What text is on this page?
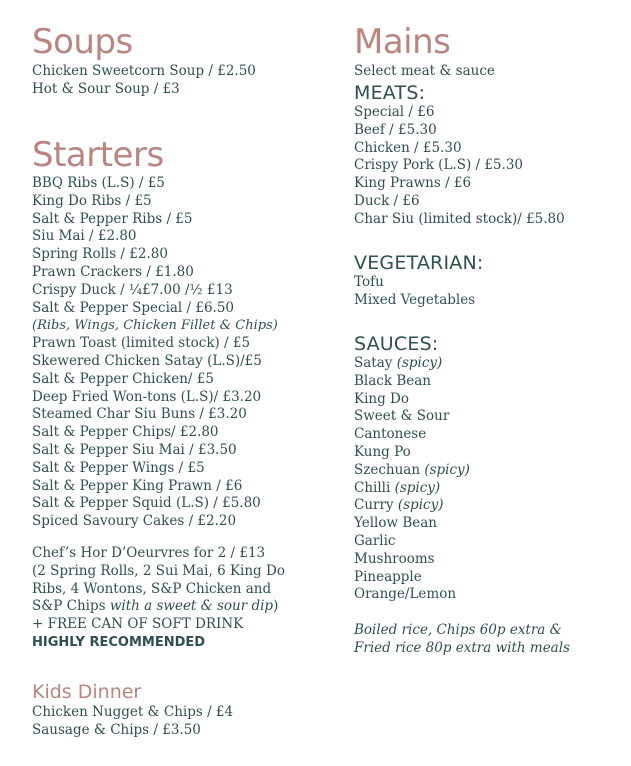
Soups
Chicken Sweetcorn Soup / £2.50
Hot & Sour Soup / £3
Starters
BBQ Ribs (L.S) / £5
King Do Ribs / £5
Salt & Pepper Ribs / £5
Siu Mai / £2.80
Spring Rolls / £2.80
Prawn Crackers / £1.80
Crispy Duck / ¼£7.00 /½ £13
Salt & Pepper Special / £6.50
(Ribs, Wings, Chicken Fillet & Chips)
Prawn Toast (limited stock) / £5
Skewered Chicken Satay (L.S)/£5
Salt & Pepper Chicken/ £5
Deep Fried Won-tons (L.S)/ £3.20
Steamed Char Siu Buns / £3.20
Salt & Pepper Chips/ £2.80
Salt & Pepper Siu Mai / £3.50
Salt & Pepper Wings / £5
Salt & Pepper King Prawn / £6
Salt & Pepper Squid (L.S) / £5.80
Spiced Savoury Cakes / £2.20

Chef’s Hor D’Oeurvres for 2 / £13

(2 Spring Rolls, 2 Sui Mai, 6 King Do

Ribs, 4 Wontons, S&P Chicken and

S&P Chips with a sweet & sour dip)

+ FREE CAN OF SOFT DRINK

HIGHLY RECOMMENDED

Kids Dinner
Chicken Nugget & Chips / £4
Sausage & Chips / £3.50
Mains

Select meat & sauce

MEATS:
Special / £6
Beef / £5.30
Chicken / £5.30
Crispy Pork (L.S) / £5.30
King Prawns / £6
Duck / £6
Char Siu (limited stock)/ £5.80
VEGETARIAN:
Tofu
Mixed Vegetables
SAUCES:
Satay (spicy)
Black Bean
King Do
Sweet & Sour
Cantonese
Kung Po
Szechuan (spicy)
Chilli (spicy)
Curry (spicy)
Yellow Bean
Garlic
Mushrooms
Pineapple
Orange/Lemon

Boiled rice, Chips 60p extra &

Fried rice 80p extra with meals
